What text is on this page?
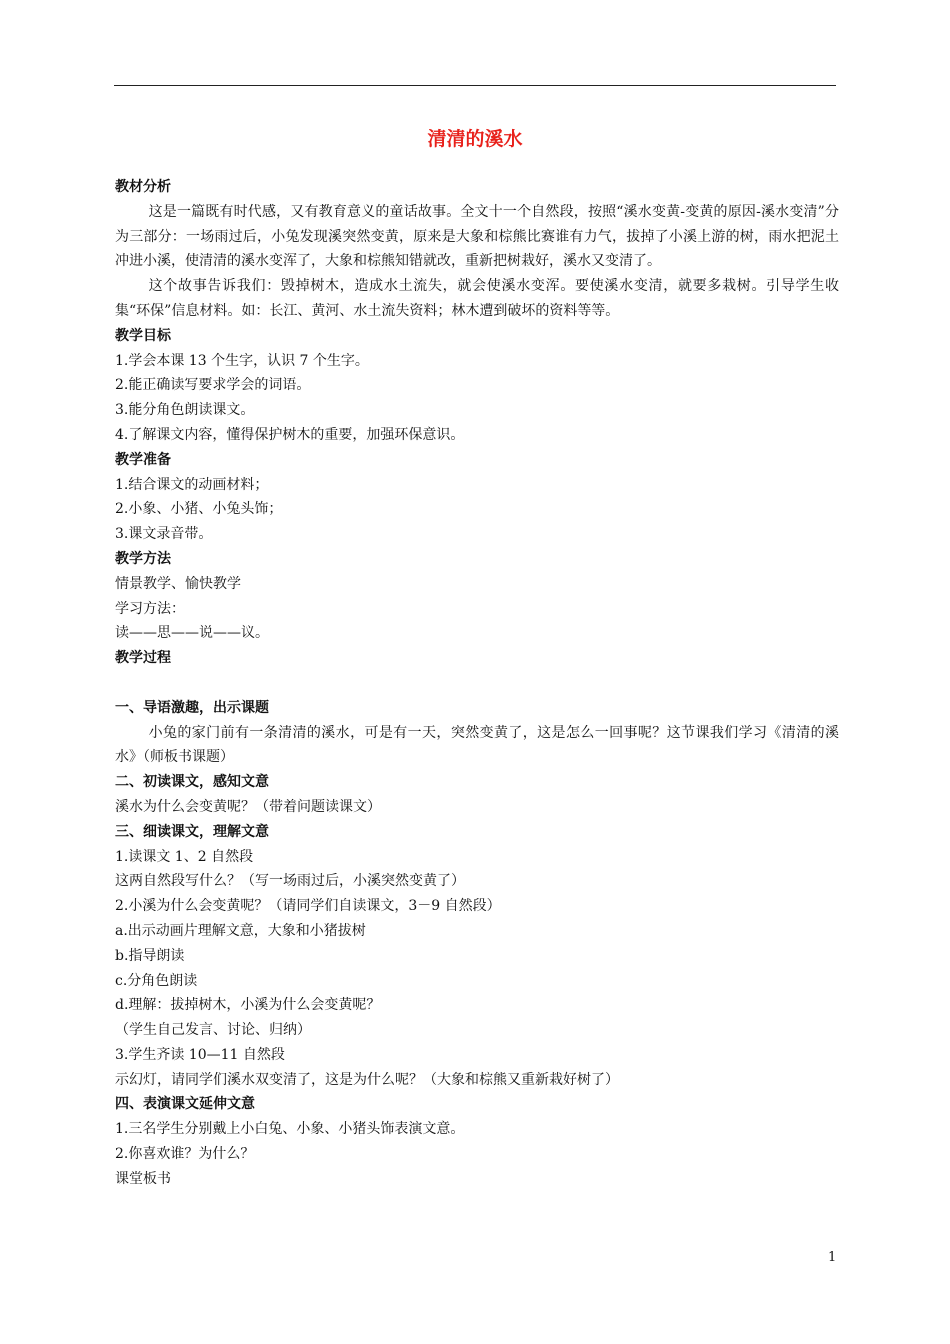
清清的溪水

教材分析

这是一篇既有时代感，又有教育意义的童话故事。全文十一个自然段，按照“溪水变黄-变黄的原因-溪水变清”分为三部分：一场雨过后，小兔发现溪突然变黄，原来是大象和棕熊比赛谁有力气，拔掉了小溪上游的树，雨水把泥土冲进小溪，使清清的溪水变浑了，大象和棕熊知错就改，重新把树栽好，溪水又变清了。

这个故事告诉我们：毁掉树木，造成水土流失，就会使溪水变浑。要使溪水变清，就要多栽树。引导学生收集“环保”信息材料。如：长江、黄河、水土流失资料；林木遭到破坏的资料等等。

教学目标

1.学会本课 13 个生字，认识 7 个生字。

2.能正确读写要求学会的词语。

3.能分角色朗读课文。

4.了解课文内容，懂得保护树木的重要，加强环保意识。

教学准备

1.结合课文的动画材料；

2.小象、小猪、小兔头饰；

3.课文录音带。

教学方法

情景教学、愉快教学

学习方法：

读——思——说——议。

教学过程

一、导语激趣，出示课题

小兔的家门前有一条清清的溪水，可是有一天，突然变黄了，这是怎么一回事呢？这节课我们学习《清清的溪水》（师板书课题）

二、初读课文，感知文意

溪水为什么会变黄呢？（带着问题读课文）

三、细读课文，理解文意

1.读课文 1、2 自然段

这两自然段写什么？（写一场雨过后，小溪突然变黄了）

2.小溪为什么会变黄呢？（请同学们自读课文，3－9 自然段）

a.出示动画片理解文意，大象和小猪拔树

b.指导朗读

c.分角色朗读

d.理解：拔掉树木，小溪为什么会变黄呢？

（学生自己发言、讨论、归纳）

3.学生齐读 10—11 自然段

示幻灯，请同学们溪水双变清了，这是为什么呢？（大象和棕熊又重新栽好树了）

四、表演课文延伸文意

1.三名学生分别戴上小白兔、小象、小猪头饰表演文意。

2.你喜欢谁？为什么？

课堂板书

1
